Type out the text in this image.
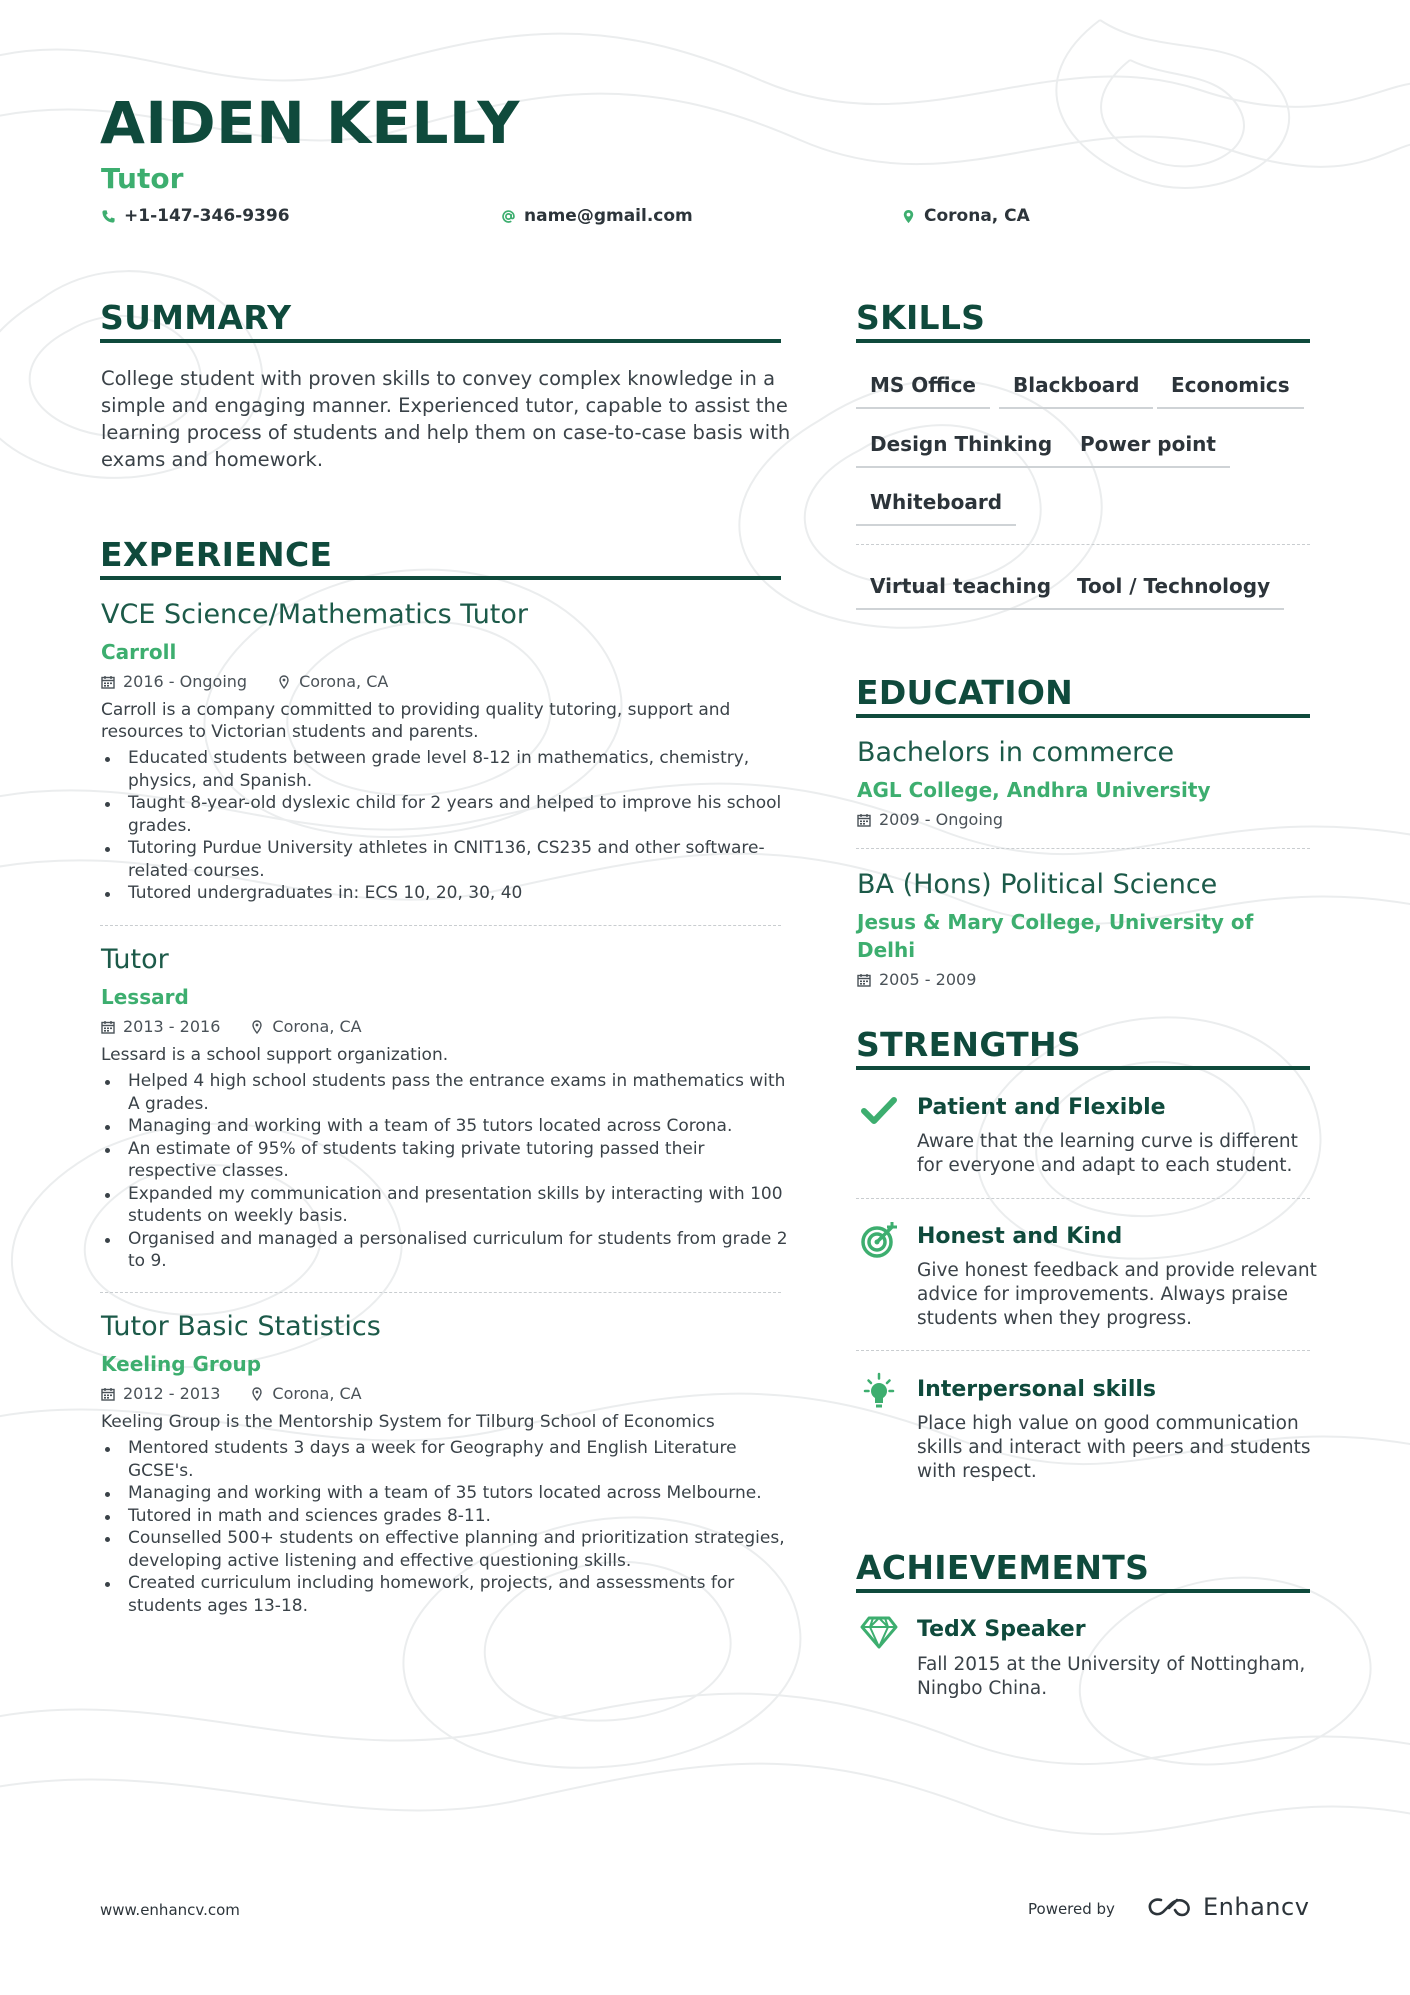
AIDEN KELLY
Tutor
+1-147-346-9396	name@gmail.com	Corona, CA
SUMMARY
College student with proven skills to convey complex knowledge in a simple and engaging manner. Experienced tutor, capable to assist the learning process of students and help them on case-to-case basis with exams and homework.
EXPERIENCE
VCE Science/Mathematics Tutor
Carroll
2016 - Ongoing	Corona, CA
Carroll is a company committed to providing quality tutoring, support and resources to Victorian students and parents.
Educated students between grade level 8-12 in mathematics, chemistry, physics, and Spanish.
Taught 8-year-old dyslexic child for 2 years and helped to improve his school grades.
Tutoring Purdue University athletes in CNIT136, CS235 and other software-related courses.
Tutored undergraduates in: ECS 10, 20, 30, 40
Tutor
Lessard
2013 - 2016	Corona, CA
Lessard is a school support organization.
Helped 4 high school students pass the entrance exams in mathematics with A grades.
Managing and working with a team of 35 tutors located across Corona.
An estimate of 95% of students taking private tutoring passed their respective classes.
Expanded my communication and presentation skills by interacting with 100 students on weekly basis.
Organised and managed a personalised curriculum for students from grade 2 to 9.
Tutor Basic Statistics
Keeling Group
2012 - 2013	Corona, CA
Keeling Group is the Mentorship System for Tilburg School of Economics
Mentored students 3 days a week for Geography and English Literature GCSE's.
Managing and working with a team of 35 tutors located across Melbourne.
Tutored in math and sciences grades 8-11.
Counselled 500+ students on effective planning and prioritization strategies, developing active listening and effective questioning skills.
Created curriculum including homework, projects, and assessments for students ages 13-18.
SKILLS
MS Office	Blackboard	Economics
Design Thinking	Power point
Whiteboard
Virtual teaching	Tool / Technology
EDUCATION
Bachelors in commerce
AGL College, Andhra University
2009 - Ongoing
BA (Hons) Political Science
Jesus & Mary College, University of Delhi
2005 - 2009
STRENGTHS
Patient and Flexible
Aware that the learning curve is different for everyone and adapt to each student.
Honest and Kind
Give honest feedback and provide relevant advice for improvements. Always praise students when they progress.
Interpersonal skills
Place high value on good communication skills and interact with peers and students with respect.
ACHIEVEMENTS
TedX Speaker
Fall 2015 at the University of Nottingham, Ningbo China.
www.enhancv.com	Powered by	Enhancv
